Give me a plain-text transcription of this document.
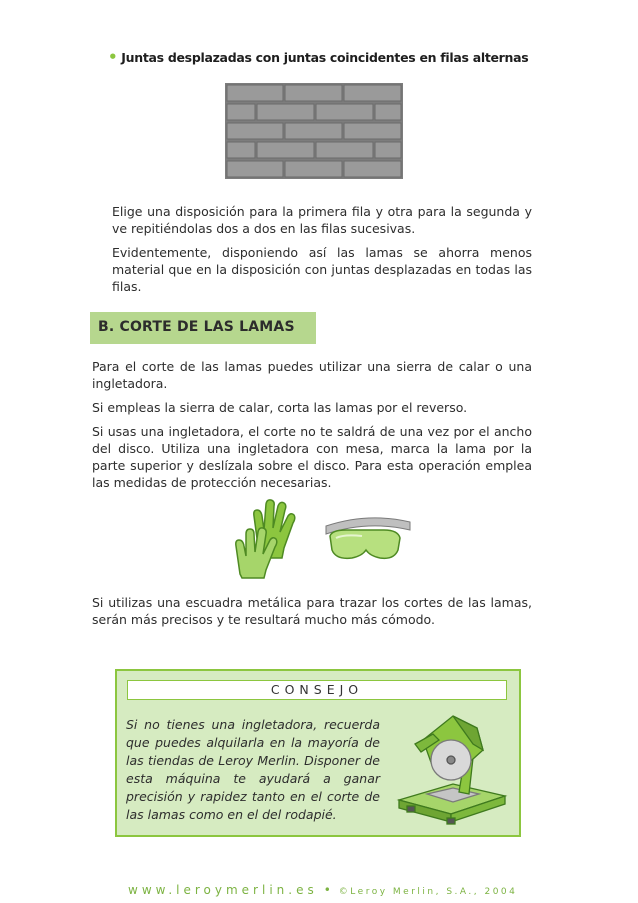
• Juntas desplazadas con juntas coincidentes en filas alternas
Elige una disposición para la primera fila y otra para la segunda y ve repitiéndolas dos a dos en las filas sucesivas.
Evidentemente, disponiendo así las lamas se ahorra menos material que en la disposición con juntas desplazadas en todas las filas.
B. CORTE DE LAS LAMAS
Para el corte de las lamas puedes utilizar una sierra de calar o una ingletadora.
Si empleas la sierra de calar, corta las lamas por el reverso.
Si usas una ingletadora, el corte no te saldrá de una vez por el ancho del disco. Utiliza una ingletadora con mesa, marca la lama por la parte superior y deslízala sobre el disco. Para esta operación emplea las medidas de protección necesarias.
Si utilizas una escuadra metálica para trazar los cortes de las lamas, serán más precisos y te resultará mucho más cómodo.
CONSEJO
Si no tienes una ingletadora, recuerda que puedes alquilarla en la mayoría de las tiendas de Leroy Merlin. Disponer de esta máquina te ayudará a ganar precisión y rapidez tanto en el corte de las lamas como en el del rodapié.
www.leroymerlin.es • ©Leroy Merlin, S.A., 2004
